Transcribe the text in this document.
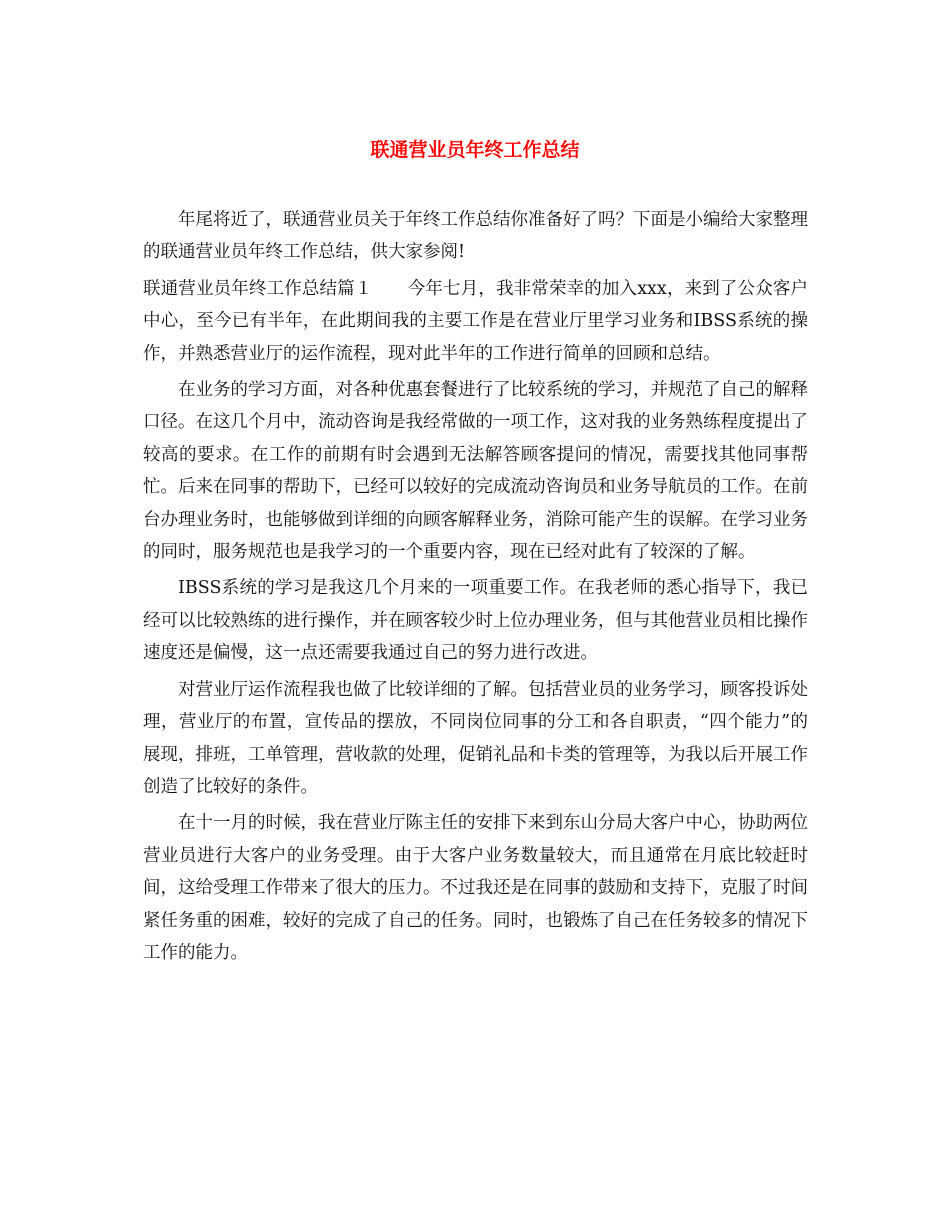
联通营业员年终工作总结

年尾将近了，联通营业员关于年终工作总结你准备好了吗？下面是小编给大家整理的联通营业员年终工作总结，供大家参阅!

联通营业员年终工作总结篇１　　今年七月，我非常荣幸的加入xxx，来到了公众客户中心，至今已有半年，在此期间我的主要工作是在营业厅里学习业务和IBSS系统的操作，并熟悉营业厅的运作流程，现对此半年的工作进行简单的回顾和总结。

在业务的学习方面，对各种优惠套餐进行了比较系统的学习，并规范了自己的解释口径。在这几个月中，流动咨询是我经常做的一项工作，这对我的业务熟练程度提出了较高的要求。在工作的前期有时会遇到无法解答顾客提问的情况，需要找其他同事帮忙。后来在同事的帮助下，已经可以较好的完成流动咨询员和业务导航员的工作。在前台办理业务时，也能够做到详细的向顾客解释业务，消除可能产生的误解。在学习业务的同时，服务规范也是我学习的一个重要内容，现在已经对此有了较深的了解。

IBSS系统的学习是我这几个月来的一项重要工作。在我老师的悉心指导下，我已经可以比较熟练的进行操作，并在顾客较少时上位办理业务，但与其他营业员相比操作速度还是偏慢，这一点还需要我通过自己的努力进行改进。

对营业厅运作流程我也做了比较详细的了解。包括营业员的业务学习，顾客投诉处理，营业厅的布置，宣传品的摆放，不同岗位同事的分工和各自职责，“四个能力”的展现，排班，工单管理，营收款的处理，促销礼品和卡类的管理等，为我以后开展工作创造了比较好的条件。

在十一月的时候，我在营业厅陈主任的安排下来到东山分局大客户中心，协助两位营业员进行大客户的业务受理。由于大客户业务数量较大，而且通常在月底比较赶时间，这给受理工作带来了很大的压力。不过我还是在同事的鼓励和支持下，克服了时间紧任务重的困难，较好的完成了自己的任务。同时，也锻炼了自己在任务较多的情况下工作的能力。
